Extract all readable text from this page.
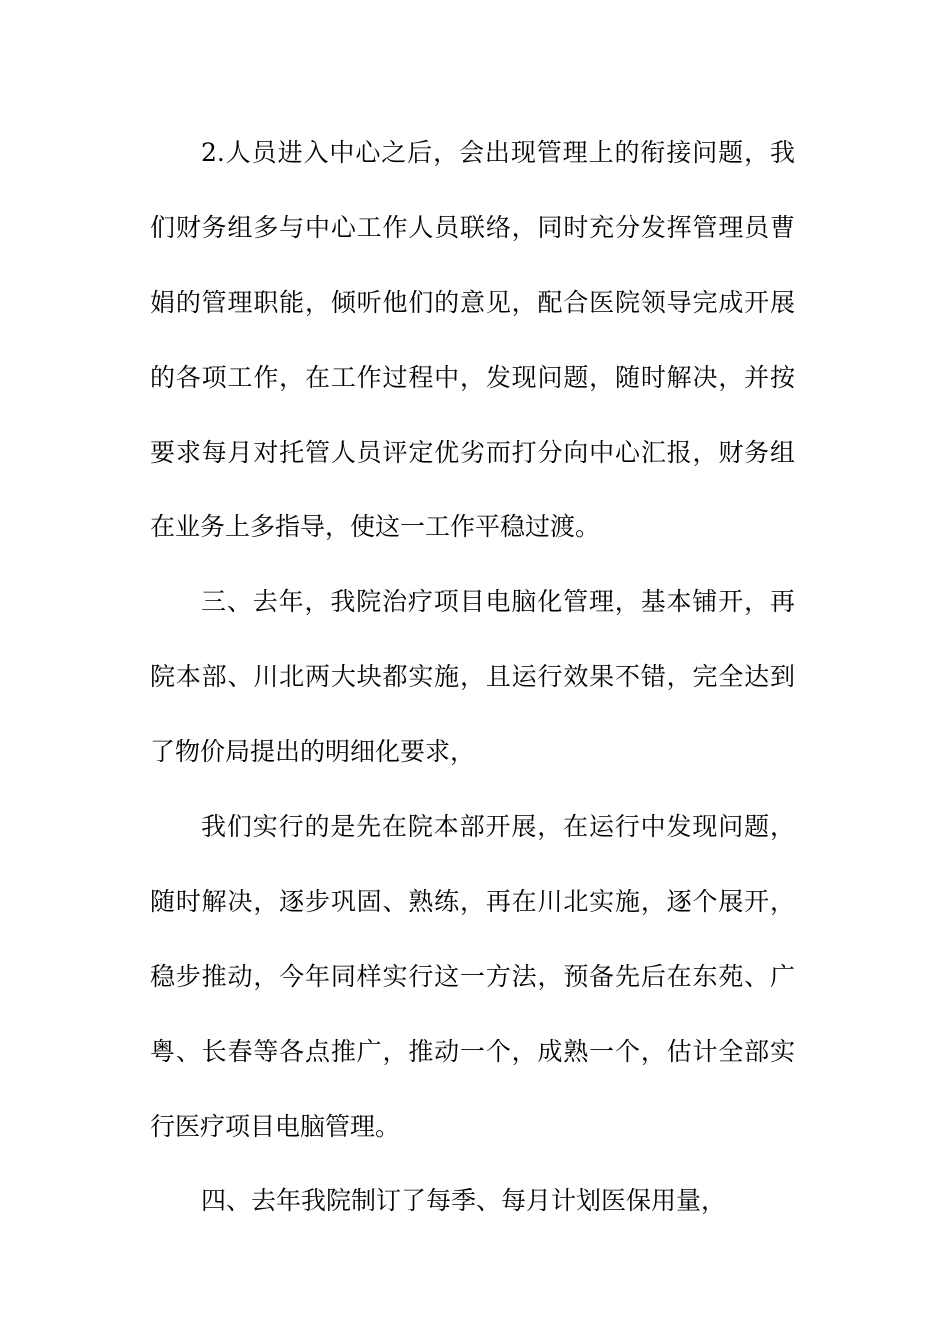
2.人员进入中心之后，会出现管理上的衔接问题，我
们财务组多与中心工作人员联络，同时充分发挥管理员曹
娟的管理职能，倾听他们的意见，配合医院领导完成开展
的各项工作，在工作过程中，发现问题，随时解决，并按
要求每月对托管人员评定优劣而打分向中心汇报，财务组
在业务上多指导，使这一工作平稳过渡。
三、去年，我院治疗项目电脑化管理，基本铺开，再
院本部、川北两大块都实施，且运行效果不错，完全达到
了物价局提出的明细化要求，
我们实行的是先在院本部开展，在运行中发现问题，
随时解决，逐步巩固、熟练，再在川北实施，逐个展开，
稳步推动，今年同样实行这一方法，预备先后在东苑、广
粤、长春等各点推广，推动一个，成熟一个，估计全部实
行医疗项目电脑管理。
四、去年我院制订了每季、每月计划医保用量，
